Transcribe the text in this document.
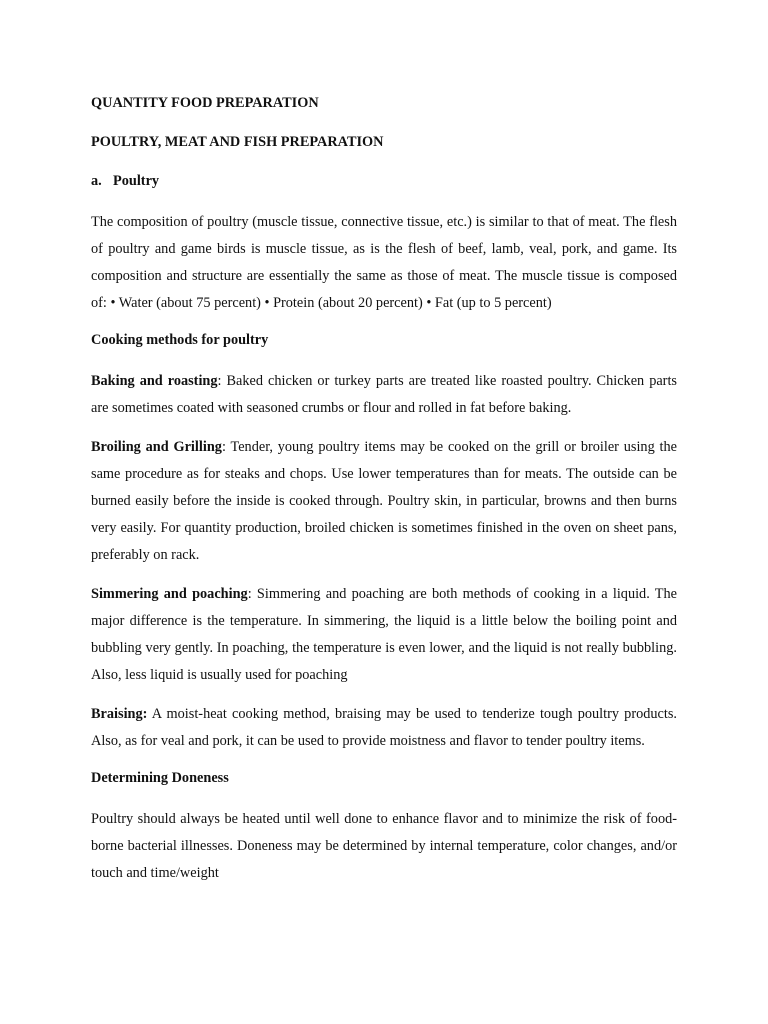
QUANTITY FOOD PREPARATION
POULTRY, MEAT AND FISH PREPARATION
a. Poultry

The composition of poultry (muscle tissue, connective tissue, etc.) is similar to that of meat. The flesh of poultry and game birds is muscle tissue, as is the flesh of beef, lamb, veal, pork, and game. Its composition and structure are essentially the same as those of meat. The muscle tissue is composed of: • Water (about 75 percent) • Protein (about 20 percent) • Fat (up to 5 percent)

Cooking methods for poultry

Baking and roasting: Baked chicken or turkey parts are treated like roasted poultry. Chicken parts are sometimes coated with seasoned crumbs or flour and rolled in fat before baking.

Broiling and Grilling: Tender, young poultry items may be cooked on the grill or broiler using the same procedure as for steaks and chops. Use lower temperatures than for meats. The outside can be burned easily before the inside is cooked through. Poultry skin, in particular, browns and then burns very easily. For quantity production, broiled chicken is sometimes finished in the oven on sheet pans, preferably on rack.

Simmering and poaching: Simmering and poaching are both methods of cooking in a liquid. The major difference is the temperature. In simmering, the liquid is a little below the boiling point and bubbling very gently. In poaching, the temperature is even lower, and the liquid is not really bubbling. Also, less liquid is usually used for poaching

Braising: A moist-heat cooking method, braising may be used to tenderize tough poultry products. Also, as for veal and pork, it can be used to provide moistness and flavor to tender poultry items.

Determining Doneness

Poultry should always be heated until well done to enhance flavor and to minimize the risk of food-borne bacterial illnesses. Doneness may be determined by internal temperature, color changes, and/or touch and time/weight
